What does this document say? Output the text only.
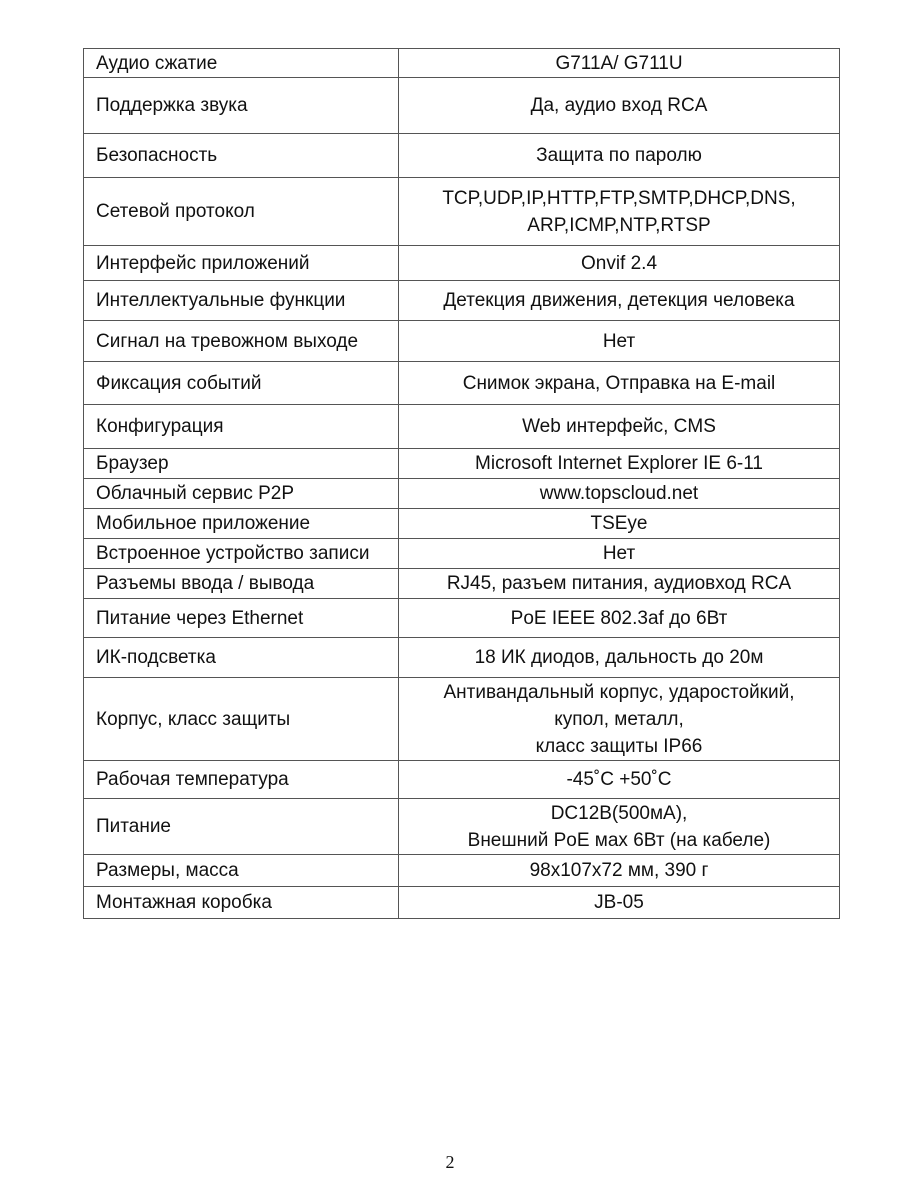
Аудио сжатие	G711A/ G711U

Поддержка звука	Да, аудио вход RCA

Безопасность	Защита по паролю

Сетевой протокол	TCP,UDP,IP,HTTP,FTP,SMTP,DHCP,DNS,
ARP,ICMP,NTP,RTSP

Интерфейс приложений	Onvif 2.4

Интеллектуальные функции	Детекция движения, детекция человека

Сигнал на тревожном выходе	Нет

Фиксация событий	Снимок экрана, Отправка на E-mail

Конфигурация	Web интерфейс, CMS

Браузер	Microsoft Internet Explorer IE 6-11

Облачный сервис P2P	www.topscloud.net

Мобильное приложение	TSEye

Встроенное устройство записи	Нет

Разъемы ввода / вывода	RJ45, разъем питания, аудиовход RCA

Питание через Ethernet	PoE IEEE 802.3af до 6Вт

ИК-подсветка	18 ИК диодов, дальность до 20м

Корпус, класс защиты	Антивандальный корпус, ударостойкий,
купол, металл,
класс защиты IP66

Рабочая температура	-45˚С +50˚С

Питание	DC12В(500мА),
Внешний PoE мах 6Вт (на кабеле)

Размеры, масса	98x107x72 мм, 390 г

Монтажная коробка	JB-05
2
